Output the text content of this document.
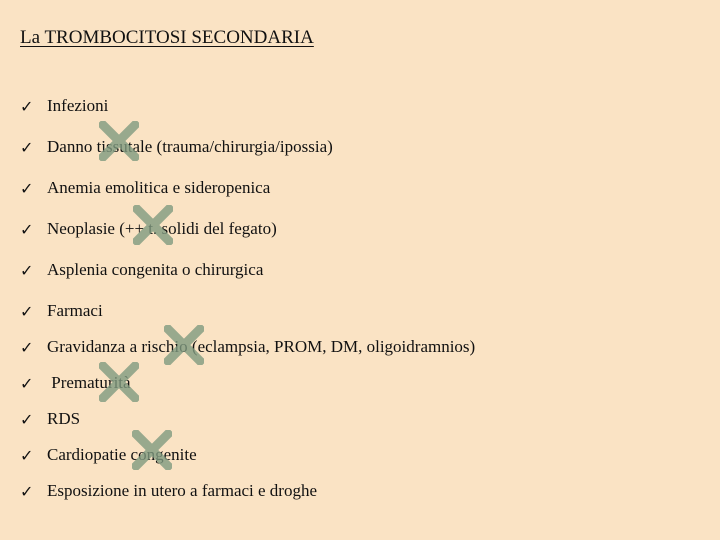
La TROMBOCITOSI SECONDARIA
✓ Infezioni
✓ Danno tissutale (trauma/chirurgia/ipossia)
✓ Anemia emolitica e sideropenica
✓ Neoplasie (++ t. solidi del fegato)
✓ Asplenia congenita o chirurgica
✓ Farmaci
✓ Gravidanza a rischio (eclampsia, PROM, DM, oligoidramnios)
✓ Prematurità
✓ RDS
✓ Cardiopatie congenite
✓ Esposizione in utero a farmaci e droghe
